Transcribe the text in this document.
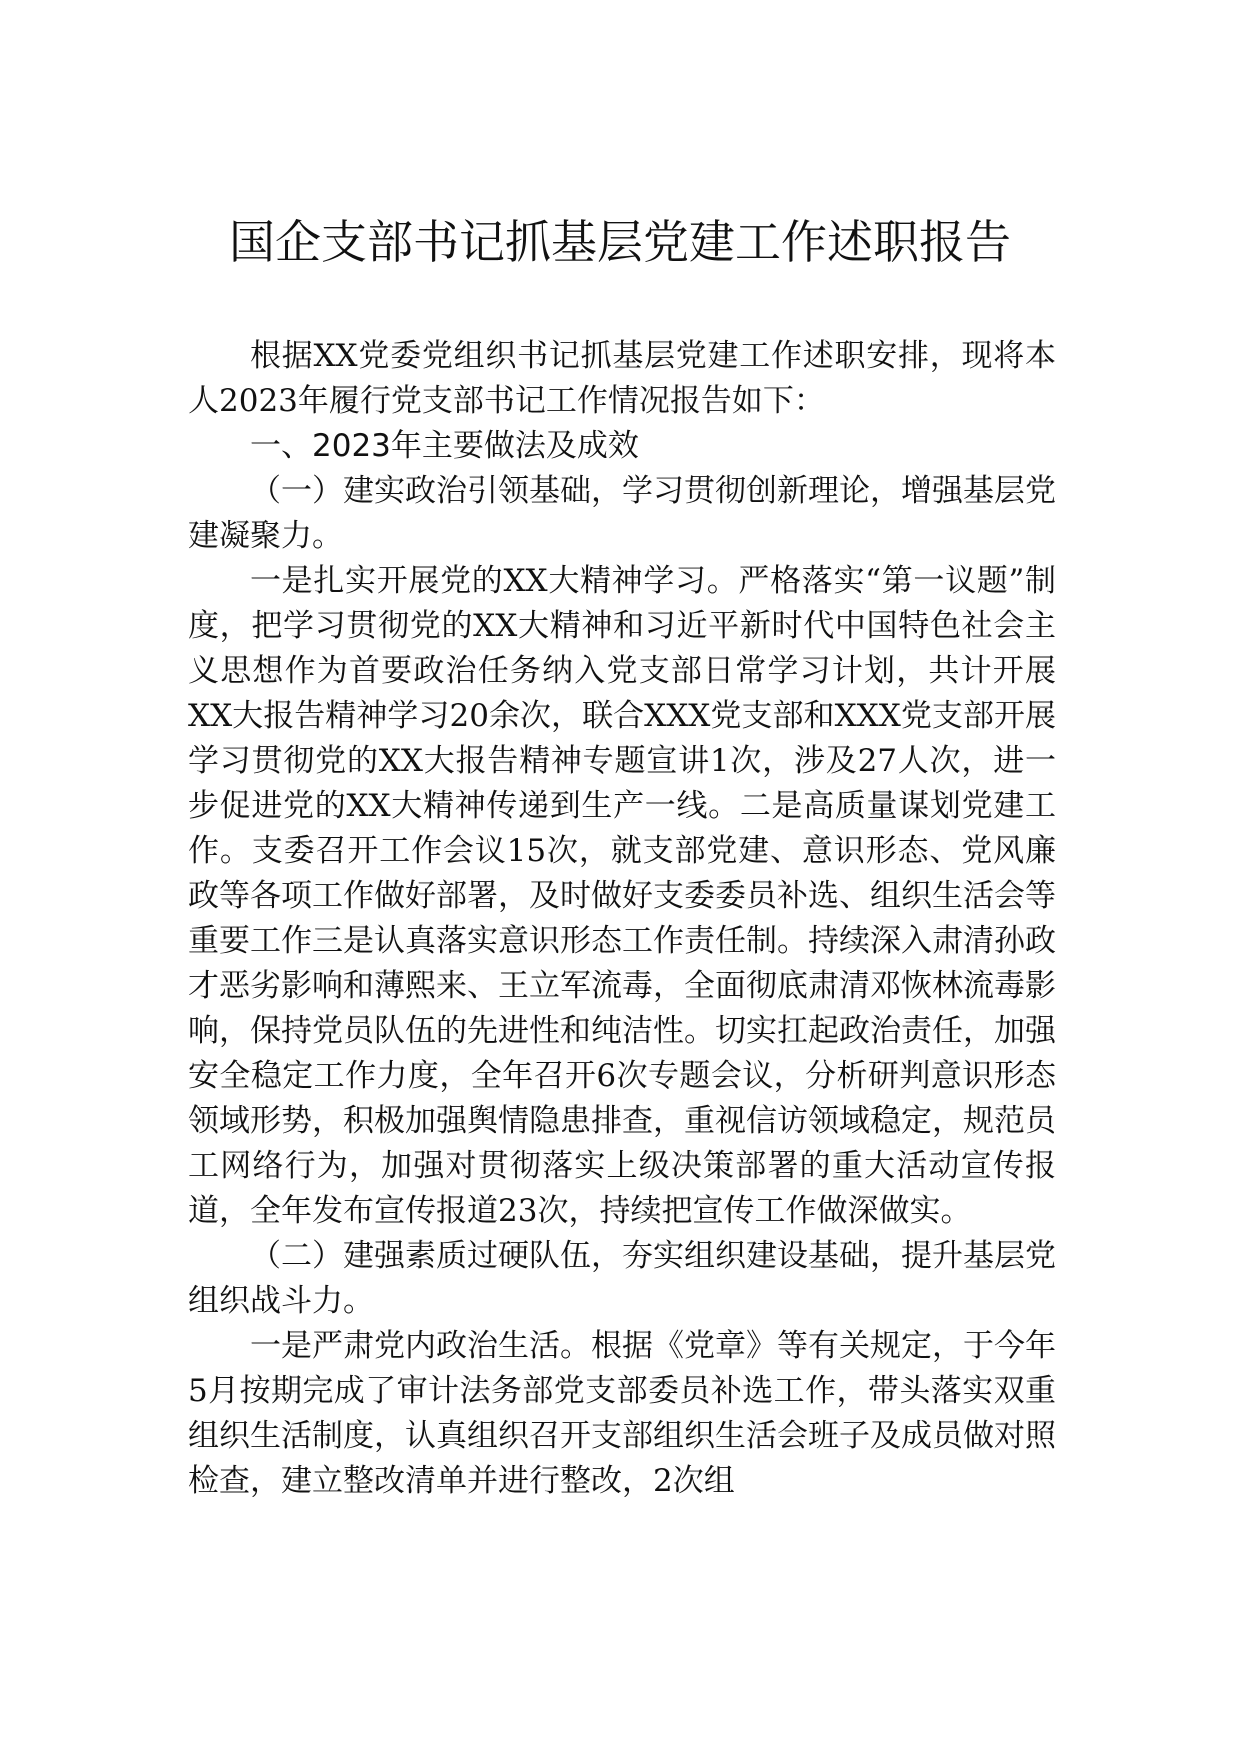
国企支部书记抓基层党建工作述职报告

根据XX党委党组织书记抓基层党建工作述职安排，现将本人2023年履行党支部书记工作情况报告如下：

一、2023年主要做法及成效

（一）建实政治引领基础，学习贯彻创新理论，增强基层党建凝聚力。

一是扎实开展党的XX大精神学习。严格落实“第一议题”制度，把学习贯彻党的XX大精神和习近平新时代中国特色社会主义思想作为首要政治任务纳入党支部日常学习计划，共计开展XX大报告精神学习20余次，联合XXX党支部和XXX党支部开展学习贯彻党的XX大报告精神专题宣讲1次，涉及27人次，进一步促进党的XX大精神传递到生产一线。二是高质量谋划党建工作。支委召开工作会议15次，就支部党建、意识形态、党风廉政等各项工作做好部署，及时做好支委委员补选、组织生活会等重要工作三是认真落实意识形态工作责任制。持续深入肃清孙政才恶劣影响和薄熙来、王立军流毒，全面彻底肃清邓恢林流毒影响，保持党员队伍的先进性和纯洁性。切实扛起政治责任，加强安全稳定工作力度，全年召开6次专题会议，分析研判意识形态领域形势，积极加强舆情隐患排查，重视信访领域稳定，规范员工网络行为，加强对贯彻落实上级决策部署的重大活动宣传报道，全年发布宣传报道23次，持续把宣传工作做深做实。

（二）建强素质过硬队伍，夯实组织建设基础，提升基层党组织战斗力。

一是严肃党内政治生活。根据《党章》等有关规定，于今年5月按期完成了审计法务部党支部委员补选工作，带头落实双重组织生活制度，认真组织召开支部组织生活会班子及成员做对照检查，建立整改清单并进行整改，2次组
